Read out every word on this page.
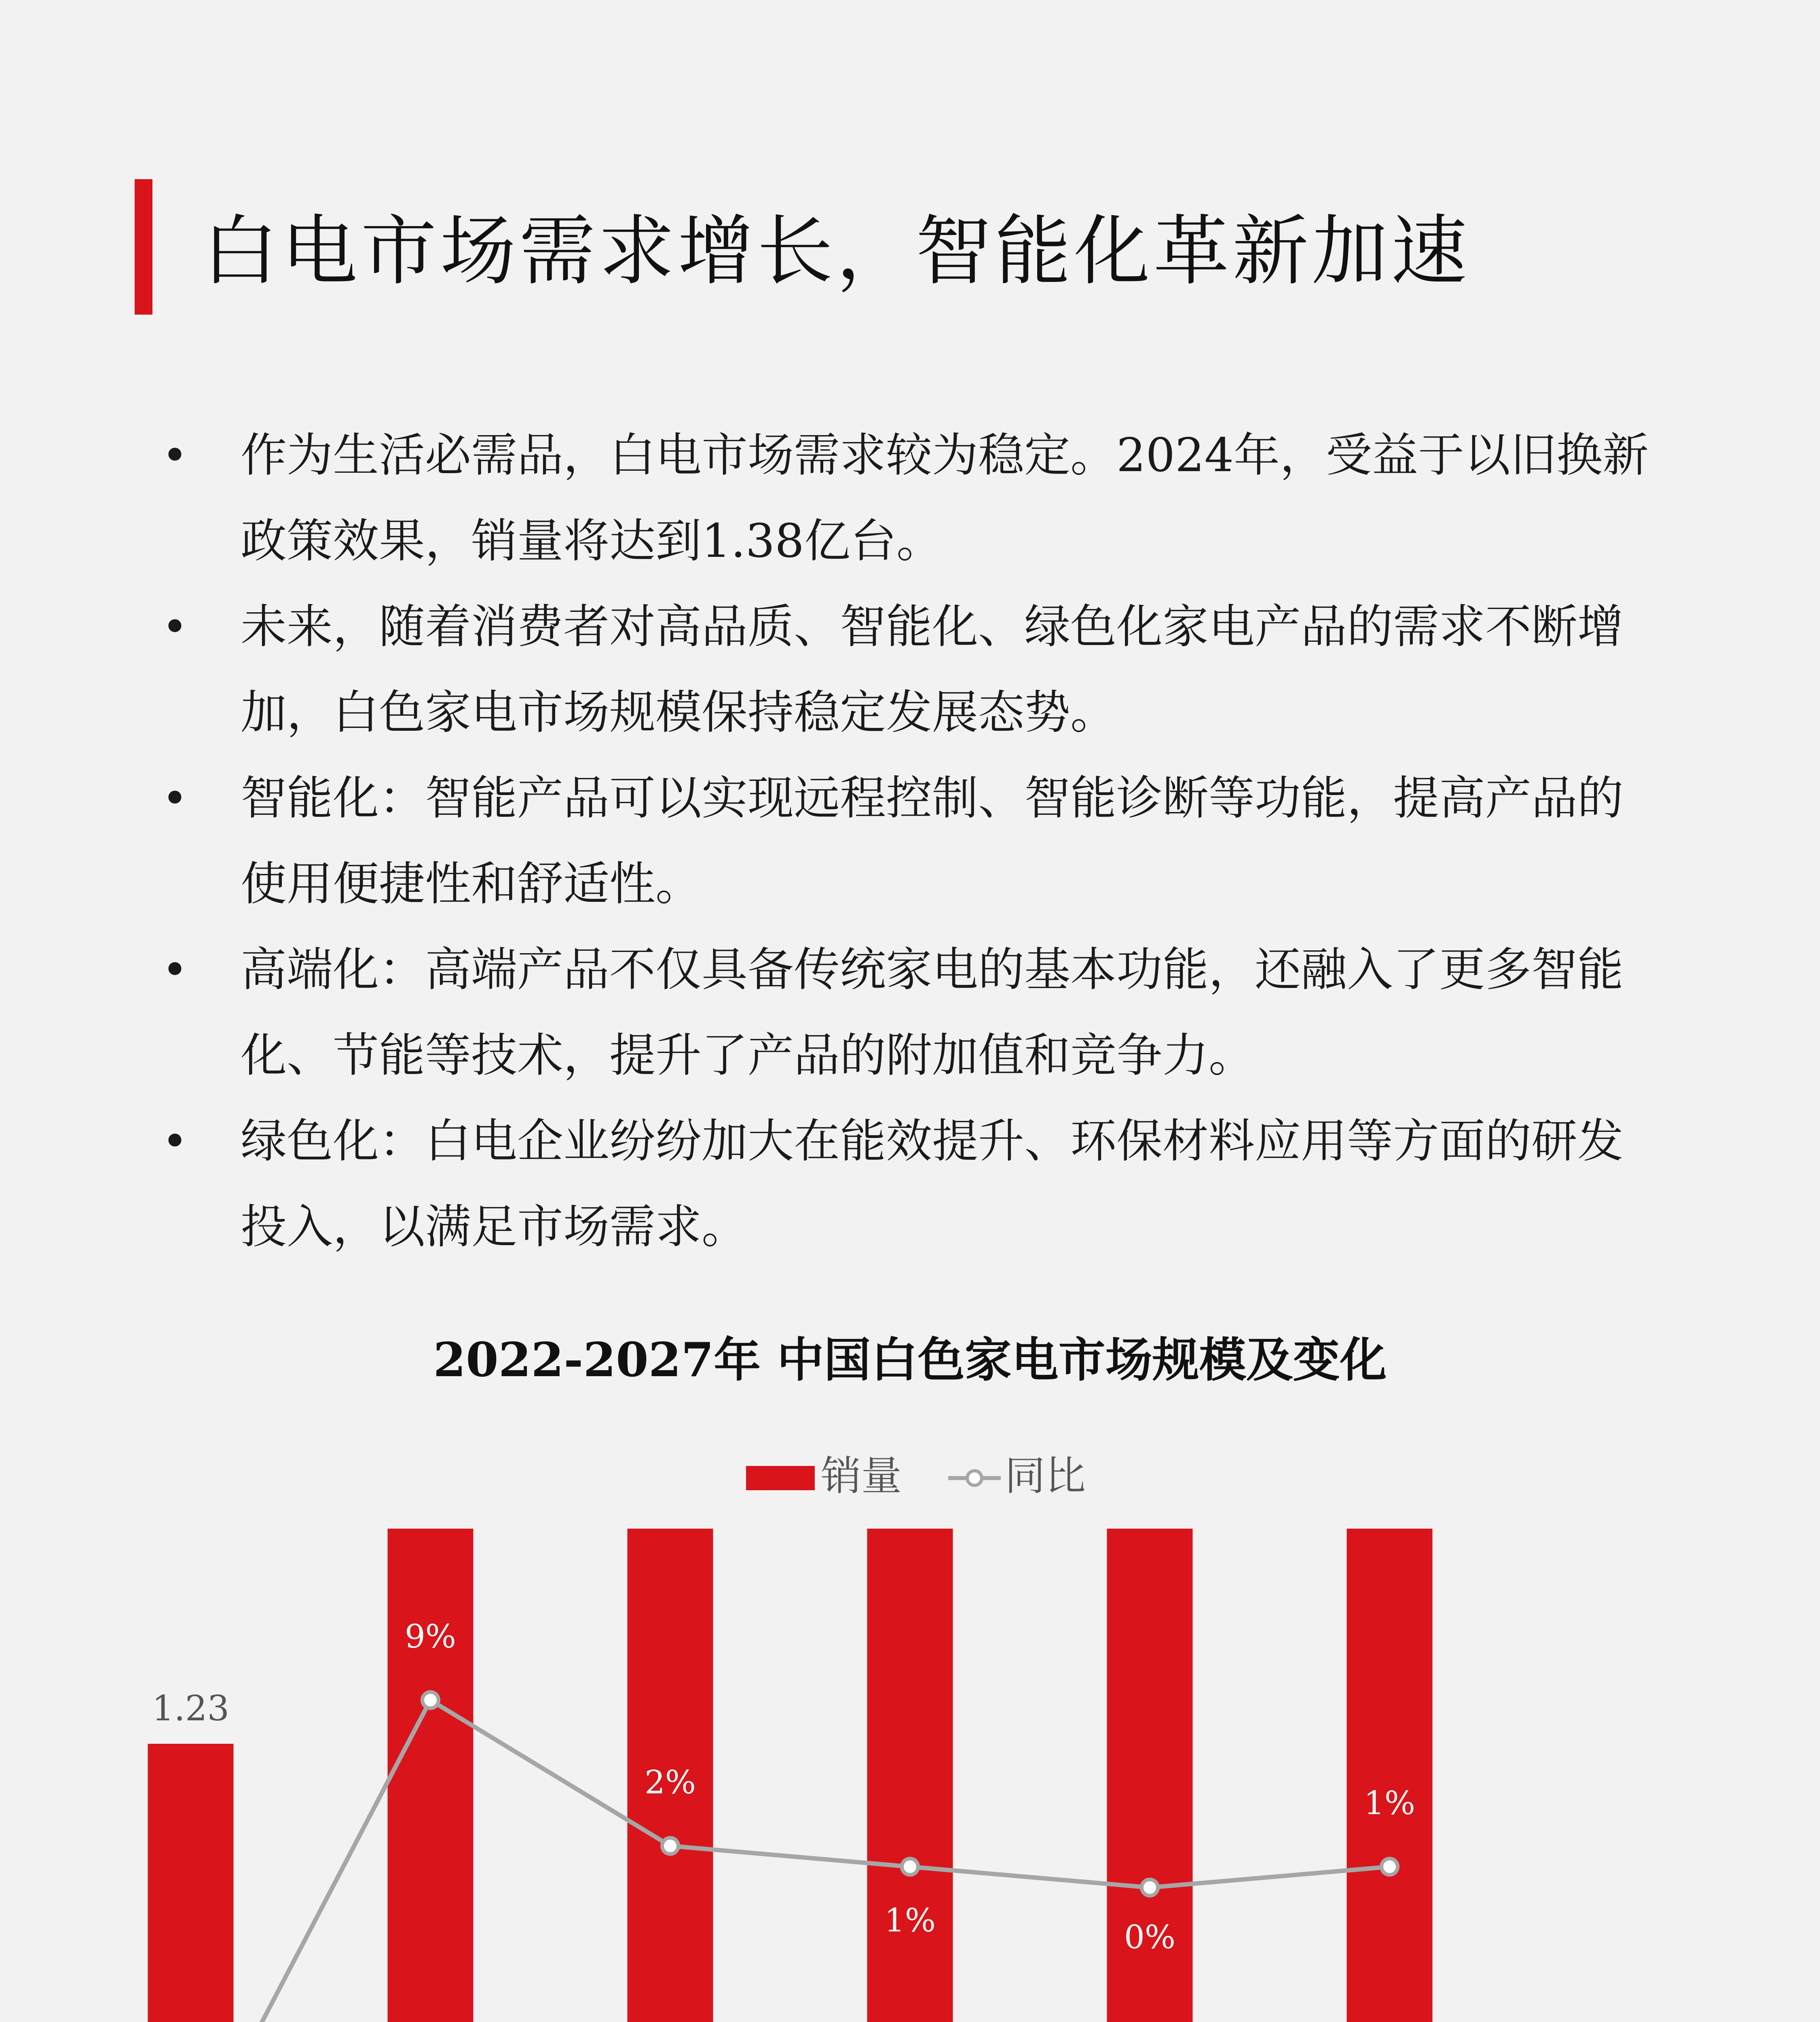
白电市场需求增长，智能化革新加速
• 作为生活必需品，白电市场需求较为稳定。2024年，受益于以旧换新
政策效果，销量将达到1.38亿台。
• 未来，随着消费者对高品质、智能化、绿色化家电产品的需求不断增
加，白色家电市场规模保持稳定发展态势。
• 智能化：智能产品可以实现远程控制、智能诊断等功能，提高产品的
使用便捷性和舒适性。
• 高端化：高端产品不仅具备传统家电的基本功能，还融入了更多智能
化、节能等技术，提升了产品的附加值和竞争力。
• 绿色化：白电企业纷纷加大在能效提升、环保材料应用等方面的研发
投入，以满足市场需求。
2022-2027年 中国白色家电市场规模及变化
销量	同比
1.23
9%
2%
1%	0%
1%
